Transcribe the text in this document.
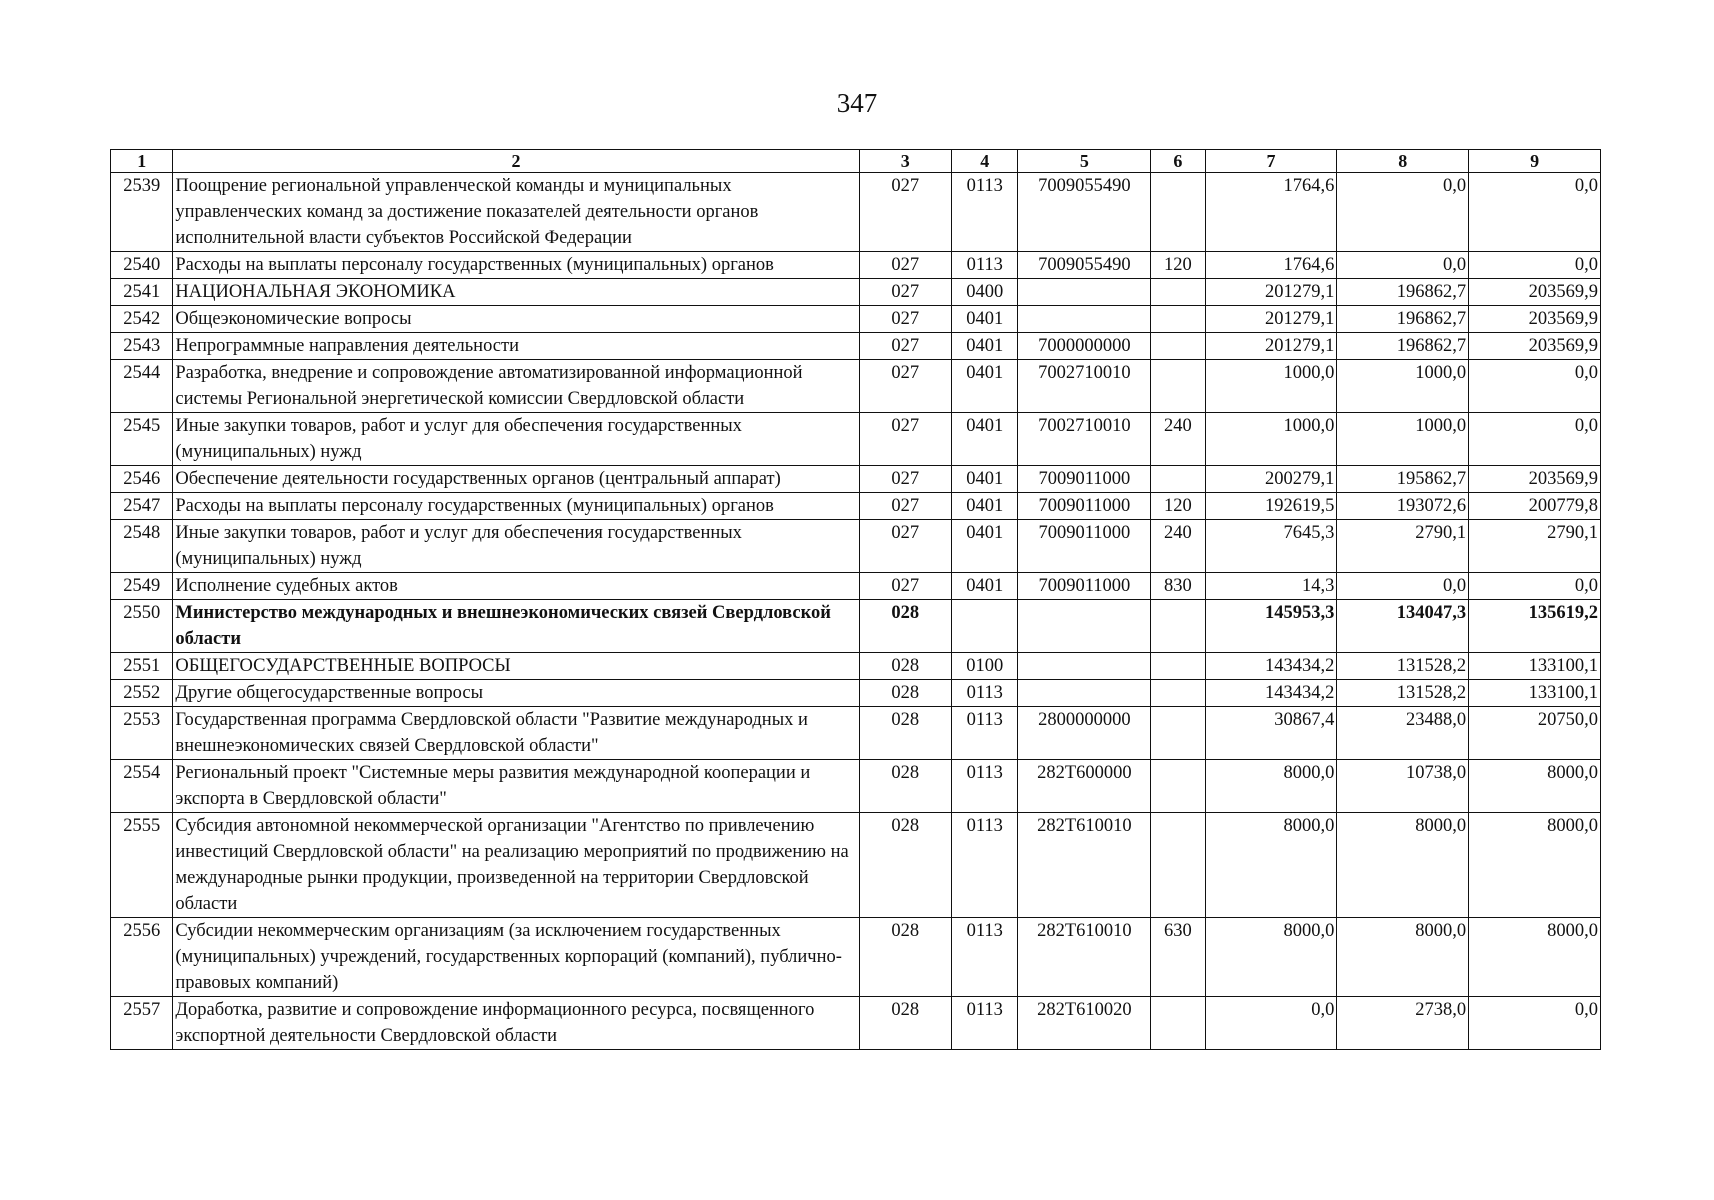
347
1	2	3	4	5	6	7	8	9
2539	Поощрение региональной управленческой команды и муниципальных управленческих команд за достижение показателей деятельности органов исполнительной власти субъектов Российской Федерации	027	0113	7009055490		1764,6	0,0	0,0
2540	Расходы на выплаты персоналу государственных (муниципальных) органов	027	0113	7009055490	120	1764,6	0,0	0,0
2541	НАЦИОНАЛЬНАЯ ЭКОНОМИКА	027	0400			201279,1	196862,7	203569,9
2542	Общеэкономические вопросы	027	0401			201279,1	196862,7	203569,9
2543	Непрограммные направления деятельности	027	0401	7000000000		201279,1	196862,7	203569,9
2544	Разработка, внедрение и сопровождение автоматизированной информационной системы Региональной энергетической комиссии Свердловской области	027	0401	7002710010		1000,0	1000,0	0,0
2545	Иные закупки товаров, работ и услуг для обеспечения государственных (муниципальных) нужд	027	0401	7002710010	240	1000,0	1000,0	0,0
2546	Обеспечение деятельности государственных органов (центральный аппарат)	027	0401	7009011000		200279,1	195862,7	203569,9
2547	Расходы на выплаты персоналу государственных (муниципальных) органов	027	0401	7009011000	120	192619,5	193072,6	200779,8
2548	Иные закупки товаров, работ и услуг для обеспечения государственных (муниципальных) нужд	027	0401	7009011000	240	7645,3	2790,1	2790,1
2549	Исполнение судебных актов	027	0401	7009011000	830	14,3	0,0	0,0
2550	Министерство международных и внешнеэкономических связей Свердловской области	028				145953,3	134047,3	135619,2
2551	ОБЩЕГОСУДАРСТВЕННЫЕ ВОПРОСЫ	028	0100			143434,2	131528,2	133100,1
2552	Другие общегосударственные вопросы	028	0113			143434,2	131528,2	133100,1
2553	Государственная программа Свердловской области "Развитие международных и внешнеэкономических связей Свердловской области"	028	0113	2800000000		30867,4	23488,0	20750,0
2554	Региональный проект "Системные меры развития международной кооперации и экспорта в Свердловской области"	028	0113	282T600000		8000,0	10738,0	8000,0
2555	Субсидия автономной некоммерческой организации "Агентство по привлечению инвестиций Свердловской области" на реализацию мероприятий по продвижению на международные рынки продукции, произведенной на территории Свердловской области	028	0113	282T610010		8000,0	8000,0	8000,0
2556	Субсидии некоммерческим организациям (за исключением государственных (муниципальных) учреждений, государственных корпораций (компаний), публично-правовых компаний)	028	0113	282T610010	630	8000,0	8000,0	8000,0
2557	Доработка, развитие и сопровождение информационного ресурса, посвященного экспортной деятельности Свердловской области	028	0113	282T610020		0,0	2738,0	0,0
